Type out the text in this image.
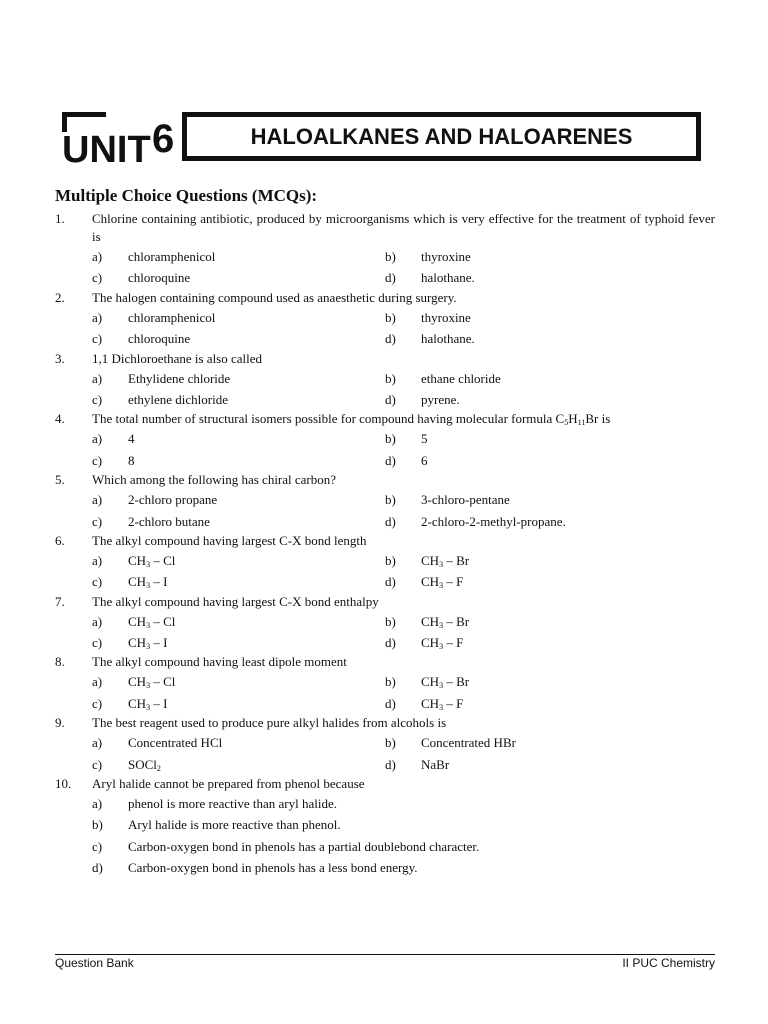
UNIT 6	HALOALKANES AND HALOARENES
Multiple Choice Questions (MCQs):
1. Chlorine containing antibiotic, produced by microorganisms which is very effective for the treatment of typhoid fever is
a) chloramphenicol	b) thyroxine
c) chloroquine	d) halothane.
2. The halogen containing compound used as anaesthetic during surgery.
a) chloramphenicol	b) thyroxine
c) chloroquine	d) halothane.
3. 1,1 Dichloroethane is also called
a) Ethylidene chloride	b) ethane chloride
c) ethylene dichloride	d) pyrene.
4. The total number of structural isomers possible for compound having molecular formula $C_5H_{11}Br$ is
a) 4	b) 5
c) 8	d) 6
5. Which among the following has chiral carbon?
a) 2-chloro propane	b) 3-chloro-pentane
c) 2-chloro butane	d) 2-chloro-2-methyl-propane.
6. The alkyl compound having largest C-X bond length
a) $CH_3$ – Cl	b) $CH_3$ – Br
c) $CH_3$ – I	d) $CH_3$ – F
7. The alkyl compound having largest C-X bond enthalpy
a) $CH_3$ – Cl	b) $CH_3$ – Br
c) $CH_3$ – I	d) $CH_3$ – F
8. The alkyl compound having least dipole moment
a) $CH_3$ – Cl	b) $CH_3$ – Br
c) $CH_3$ – I	d) $CH_3$ – F
9. The best reagent used to produce pure alkyl halides from alcohols is
a) Concentrated HCl	b) Concentrated HBr
c) SOCl$_2$	d) NaBr
10. Aryl halide cannot be prepared from phenol because
a) phenol is more reactive than aryl halide.
b) Aryl halide is more reactive than phenol.
c) Carbon-oxygen bond in phenols has a partial doublebond character.
d) Carbon-oxygen bond in phenols has a less bond energy.
Question Bank	II PUC Chemistry
